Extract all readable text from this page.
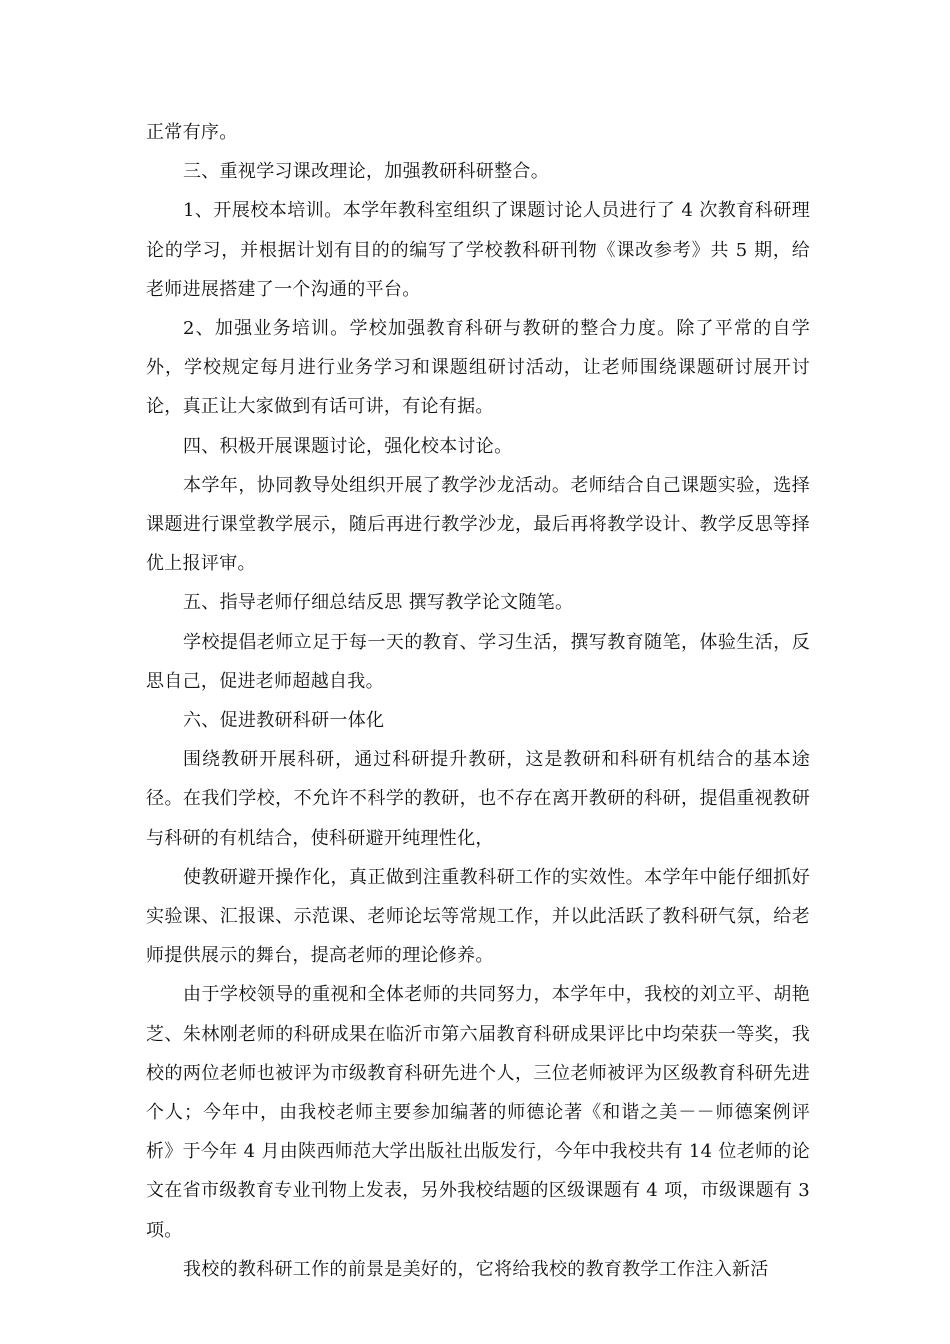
正常有序。

三、重视学习课改理论，加强教研科研整合。

1、开展校本培训。本学年教科室组织了课题讨论人员进行了 4 次教育科研理论的学习，并根据计划有目的的编写了学校教科研刊物《课改参考》共 5 期，给老师进展搭建了一个沟通的平台。

2、加强业务培训。学校加强教育科研与教研的整合力度。除了平常的自学外，学校规定每月进行业务学习和课题组研讨活动，让老师围绕课题研讨展开讨论，真正让大家做到有话可讲，有论有据。

四、积极开展课题讨论，强化校本讨论。

本学年，协同教导处组织开展了教学沙龙活动。老师结合自己课题实验，选择课题进行课堂教学展示，随后再进行教学沙龙，最后再将教学设计、教学反思等择优上报评审。

五、指导老师仔细总结反思 撰写教学论文随笔。

学校提倡老师立足于每一天的教育、学习生活，撰写教育随笔，体验生活，反思自己，促进老师超越自我。

六、促进教研科研一体化

围绕教研开展科研，通过科研提升教研，这是教研和科研有机结合的基本途径。在我们学校，不允许不科学的教研，也不存在离开教研的科研，提倡重视教研与科研的有机结合，使科研避开纯理性化，

使教研避开操作化，真正做到注重教科研工作的实效性。本学年中能仔细抓好实验课、汇报课、示范课、老师论坛等常规工作，并以此活跃了教科研气氛，给老师提供展示的舞台，提高老师的理论修养。

由于学校领导的重视和全体老师的共同努力，本学年中，我校的刘立平、胡艳芝、朱林刚老师的科研成果在临沂市第六届教育科研成果评比中均荣获一等奖，我校的两位老师也被评为市级教育科研先进个人，三位老师被评为区级教育科研先进个人；今年中，由我校老师主要参加编著的师德论著《和谐之美－－师德案例评析》于今年 4 月由陕西师范大学出版社出版发行，今年中我校共有 14 位老师的论文在省市级教育专业刊物上发表，另外我校结题的区级课题有 4 项，市级课题有 3 项。

我校的教科研工作的前景是美好的，它将给我校的教育教学工作注入新活
